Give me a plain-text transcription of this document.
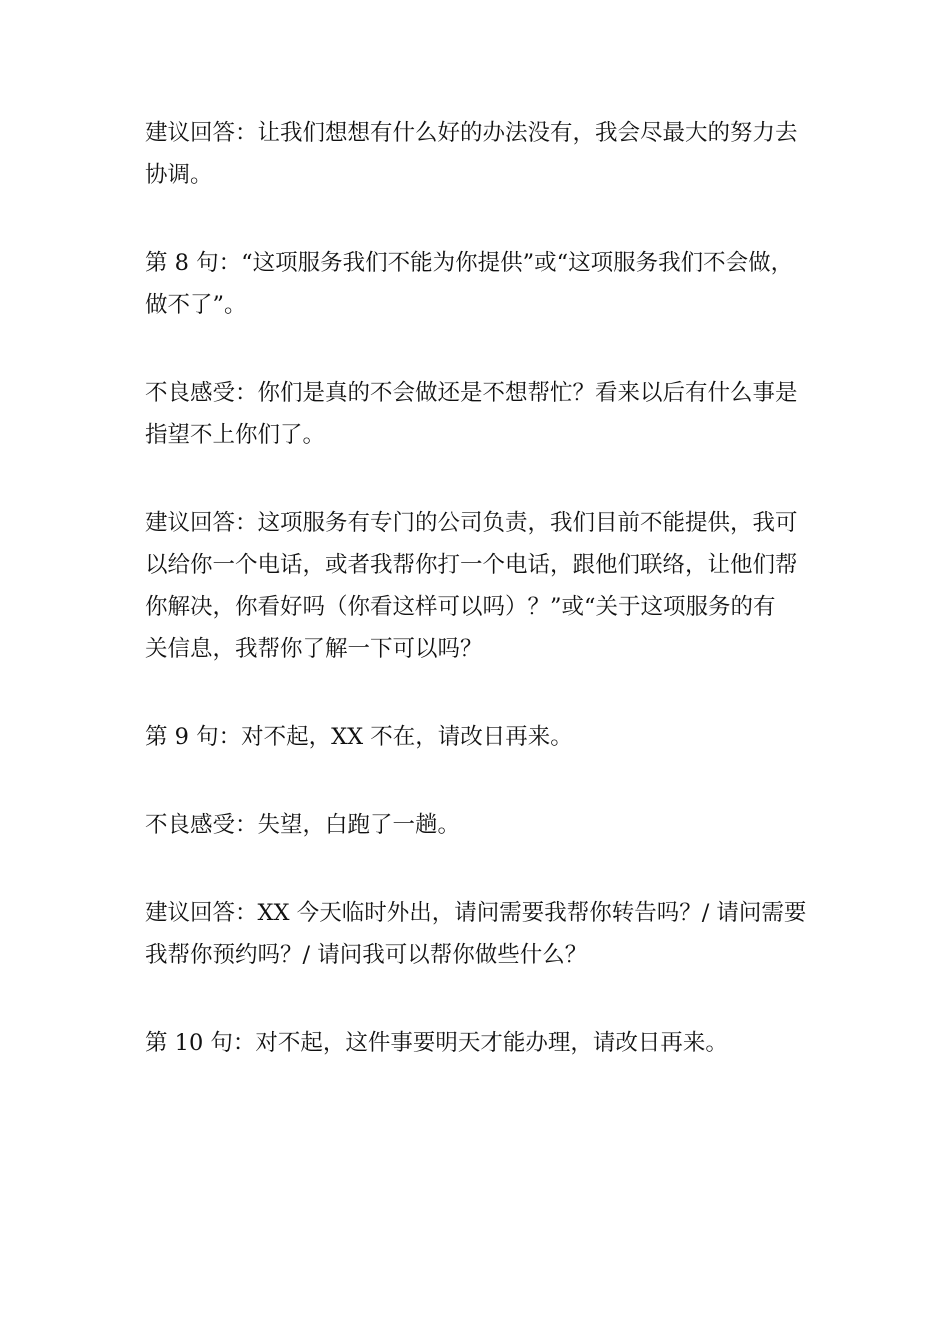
建议回答：让我们想想有什么好的办法没有，我会尽最大的努力去
协调。

第 8 句：“这项服务我们不能为你提供”或“这项服务我们不会做，
做不了”。

不良感受：你们是真的不会做还是不想帮忙？看来以后有什么事是
指望不上你们了。

建议回答：这项服务有专门的公司负责，我们目前不能提供，我可
以给你一个电话，或者我帮你打一个电话，跟他们联络，让他们帮
你解决，你看好吗（你看这样可以吗）？”或“关于这项服务的有
关信息，我帮你了解一下可以吗？

第 9 句：对不起，XX 不在，请改日再来。

不良感受：失望，白跑了一趟。

建议回答：XX 今天临时外出，请问需要我帮你转告吗？/ 请问需要
我帮你预约吗？/ 请问我可以帮你做些什么？

第 10 句：对不起，这件事要明天才能办理，请改日再来。
